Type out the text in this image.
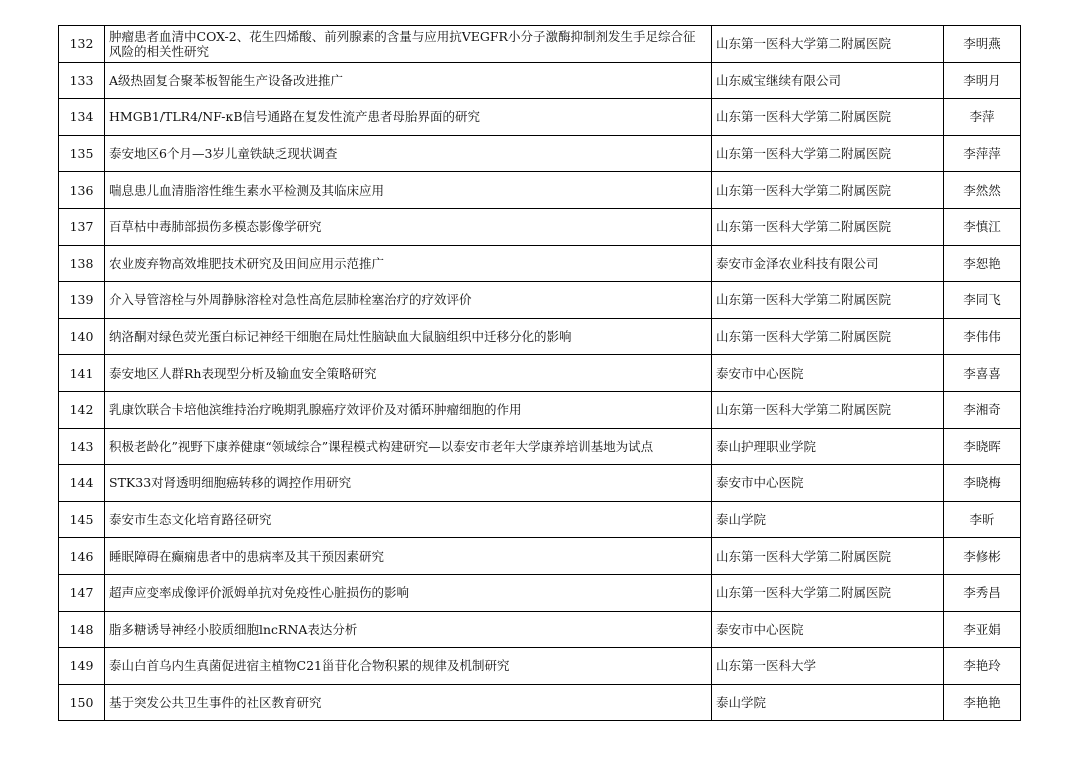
132	肿瘤患者血清中COX-2、花生四烯酸、前列腺素的含量与应用抗VEGFR小分子激酶抑制剂发生手足综合征风险的相关性研究	山东第一医科大学第二附属医院	李明燕
133	A级热固复合聚苯板智能生产设备改进推广	山东威宝继续有限公司	李明月
134	HMGB1/TLR4/NF-κB信号通路在复发性流产患者母胎界面的研究	山东第一医科大学第二附属医院	李萍
135	泰安地区6个月—3岁儿童铁缺乏现状调查	山东第一医科大学第二附属医院	李萍萍
136	喘息患儿血清脂溶性维生素水平检测及其临床应用	山东第一医科大学第二附属医院	李然然
137	百草枯中毒肺部损伤多模态影像学研究	山东第一医科大学第二附属医院	李慎江
138	农业废弃物高效堆肥技术研究及田间应用示范推广	泰安市金泽农业科技有限公司	李恕艳
139	介入导管溶栓与外周静脉溶栓对急性高危层肺栓塞治疗的疗效评价	山东第一医科大学第二附属医院	李同飞
140	纳洛酮对绿色荧光蛋白标记神经干细胞在局灶性脑缺血大鼠脑组织中迁移分化的影响	山东第一医科大学第二附属医院	李伟伟
141	泰安地区人群Rh表现型分析及输血安全策略研究	泰安市中心医院	李喜喜
142	乳康饮联合卡培他滨维持治疗晚期乳腺癌疗效评价及对循环肿瘤细胞的作用	山东第一医科大学第二附属医院	李湘奇
143	积极老龄化”视野下康养健康“领域综合”课程模式构建研究—以泰安市老年大学康养培训基地为试点	泰山护理职业学院	李晓晖
144	STK33对肾透明细胞癌转移的调控作用研究	泰安市中心医院	李晓梅
145	泰安市生态文化培育路径研究	泰山学院	李昕
146	睡眠障碍在癫痫患者中的患病率及其干预因素研究	山东第一医科大学第二附属医院	李修彬
147	超声应变率成像评价派姆单抗对免疫性心脏损伤的影响	山东第一医科大学第二附属医院	李秀昌
148	脂多糖诱导神经小胶质细胞lncRNA表达分析	泰安市中心医院	李亚娟
149	泰山白首乌内生真菌促进宿主植物C21甾苷化合物积累的规律及机制研究	山东第一医科大学	李艳玲
150	基于突发公共卫生事件的社区教育研究	泰山学院	李艳艳
